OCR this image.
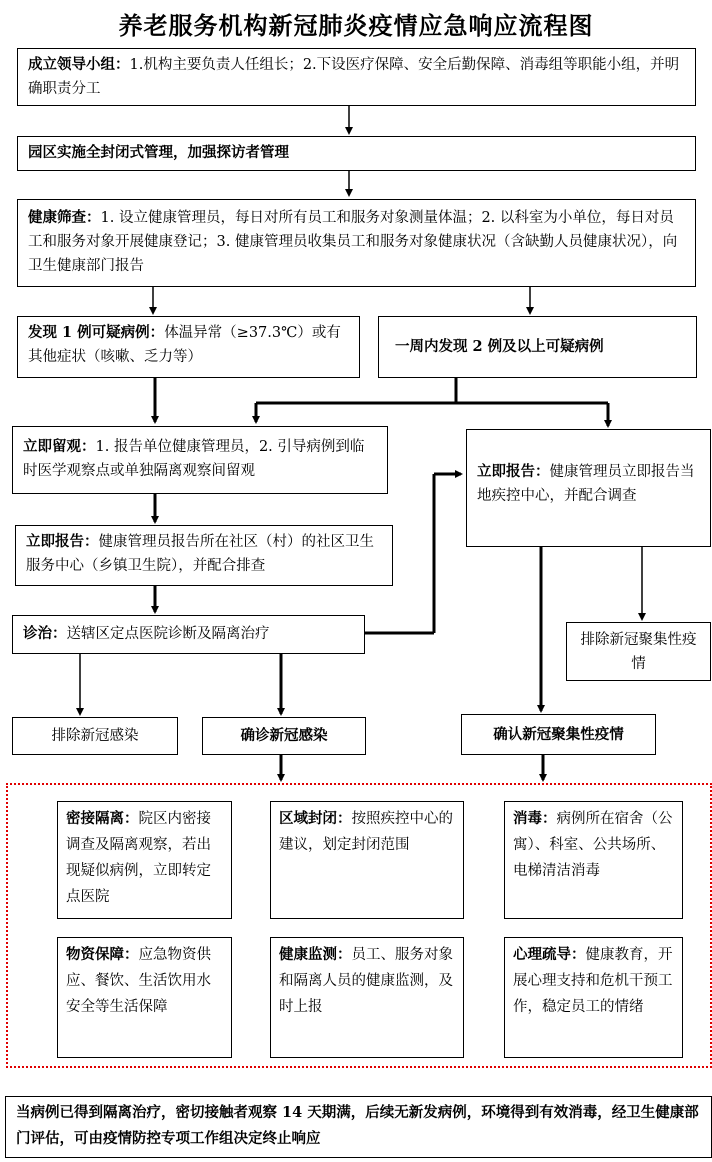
养老服务机构新冠肺炎疫情应急响应流程图
成立领导小组：1.机构主要负责人任组长；2.下设医疗保障、安全后勤保障、消毒组等职能小组，并明确职责分工
园区实施全封闭式管理，加强探访者管理
健康筛查：1. 设立健康管理员，每日对所有员工和服务对象测量体温；2. 以科室为小单位，每日对员工和服务对象开展健康登记；3. 健康管理员收集员工和服务对象健康状况（含缺勤人员健康状况），向卫生健康部门报告
发现 1 例可疑病例：体温异常（≥37.3℃）或有其他症状（咳嗽、乏力等）
一周内发现 2 例及以上可疑病例
立即留观：1. 报告单位健康管理员，2. 引导病例到临时医学观察点或单独隔离观察间留观	立即报告：健康管理员立即报告当地疾控中心，并配合调查
立即报告：健康管理员报告所在社区（村）的社区卫生服务中心（乡镇卫生院），并配合排查
诊治：送辖区定点医院诊断及隔离治疗	排除新冠聚集性疫情
排除新冠感染	确诊新冠感染	确认新冠聚集性疫情
密接隔离：院区内密接调查及隔离观察，若出现疑似病例，立即转定点医院
区域封闭：按照疾控中心的建议，划定封闭范围
消毒：病例所在宿舍（公寓）、科室、公共场所、电梯清洁消毒
物资保障：应急物资供应、餐饮、生活饮用水安全等生活保障
健康监测：员工、服务对象和隔离人员的健康监测，及时上报
心理疏导：健康教育，开展心理支持和危机干预工作，稳定员工的情绪
当病例已得到隔离治疗，密切接触者观察 14 天期满，后续无新发病例，环境得到有效消毒，经卫生健康部门评估，可由疫情防控专项工作组决定终止响应
